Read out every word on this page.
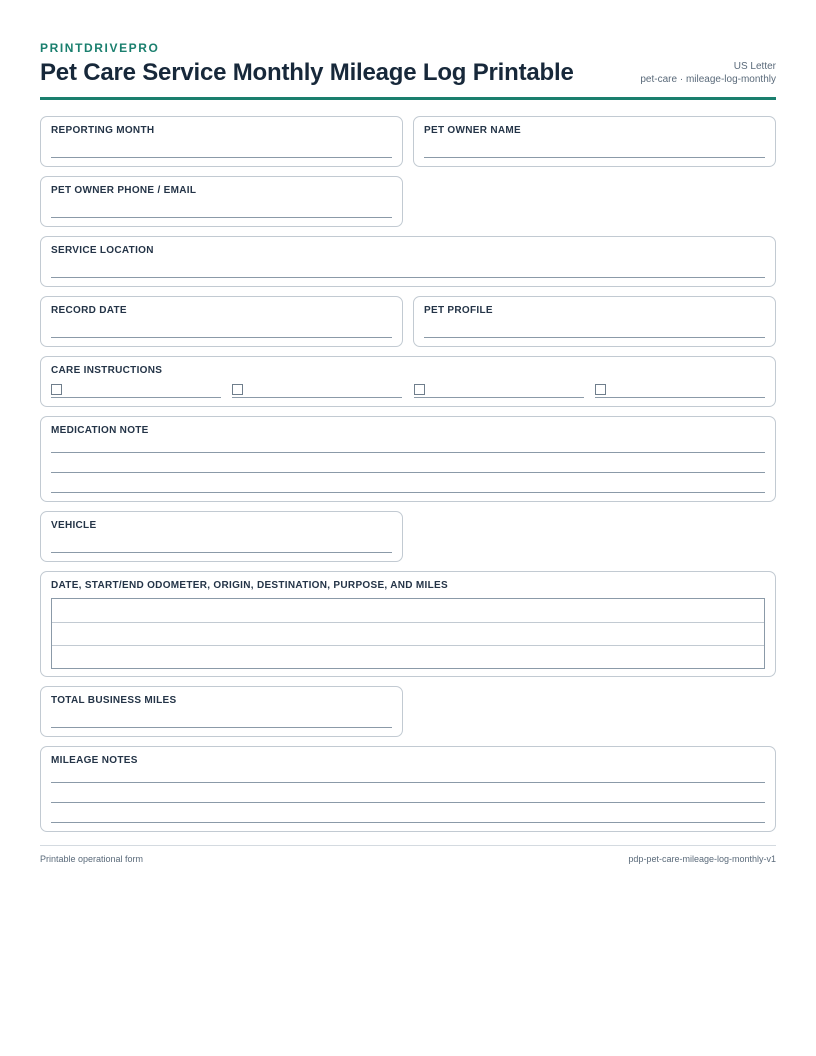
PRINTDRIVEPRO
Pet Care Service Monthly Mileage Log Printable	US Letter
pet-care · mileage-log-monthly
REPORTING MONTH	PET OWNER NAME
PET OWNER PHONE / EMAIL
SERVICE LOCATION
RECORD DATE	PET PROFILE
CARE INSTRUCTIONS
MEDICATION NOTE
VEHICLE
DATE, START/END ODOMETER, ORIGIN, DESTINATION, PURPOSE, AND MILES
TOTAL BUSINESS MILES
MILEAGE NOTES
Printable operational form	pdp-pet-care-mileage-log-monthly-v1
